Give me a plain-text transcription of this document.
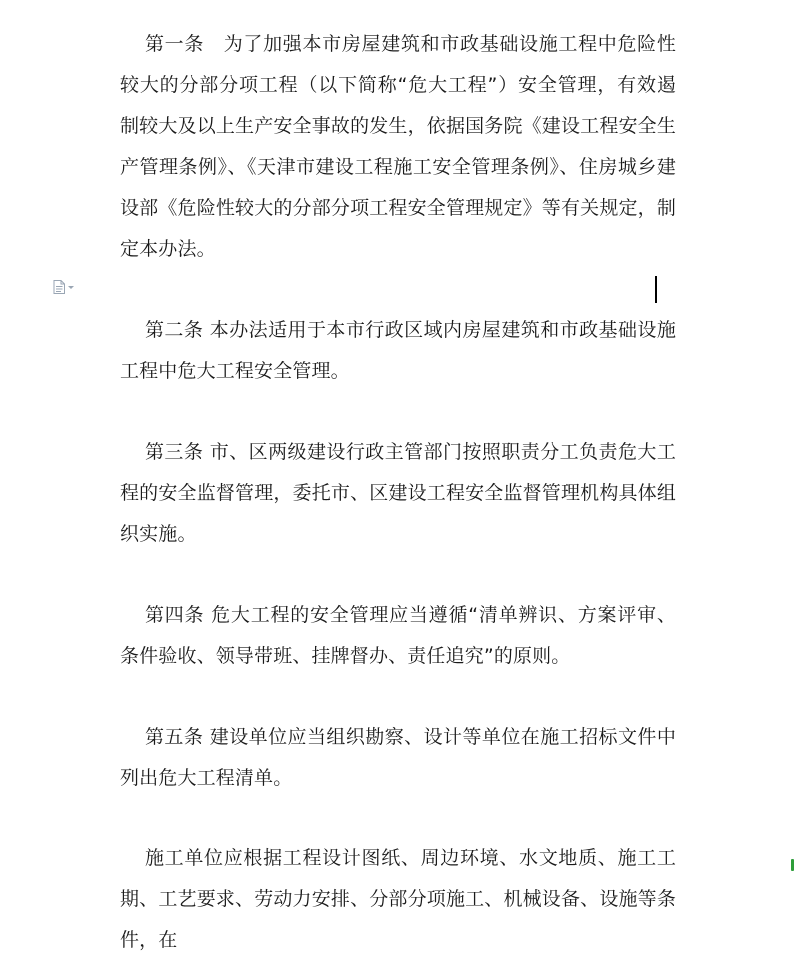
第一条　为了加强本市房屋建筑和市政基础设施工程中危险性较大的分部分项工程（以下简称“危大工程”）安全管理，有效遏制较大及以上生产安全事故的发生，依据国务院《建设工程安全生产管理条例》、《天津市建设工程施工安全管理条例》、住房城乡建设部《危险性较大的分部分项工程安全管理规定》等有关规定，制定本办法。

第二条 本办法适用于本市行政区域内房屋建筑和市政基础设施工程中危大工程安全管理。

第三条 市、区两级建设行政主管部门按照职责分工负责危大工程的安全监督管理，委托市、区建设工程安全监督管理机构具体组织实施。

第四条 危大工程的安全管理应当遵循“清单辨识、方案评审、条件验收、领导带班、挂牌督办、责任追究”的原则。

第五条 建设单位应当组织勘察、设计等单位在施工招标文件中列出危大工程清单。

施工单位应根据工程设计图纸、周边环境、水文地质、施工工期、工艺要求、劳动力安排、分部分项施工、机械设备、设施等条件，在
